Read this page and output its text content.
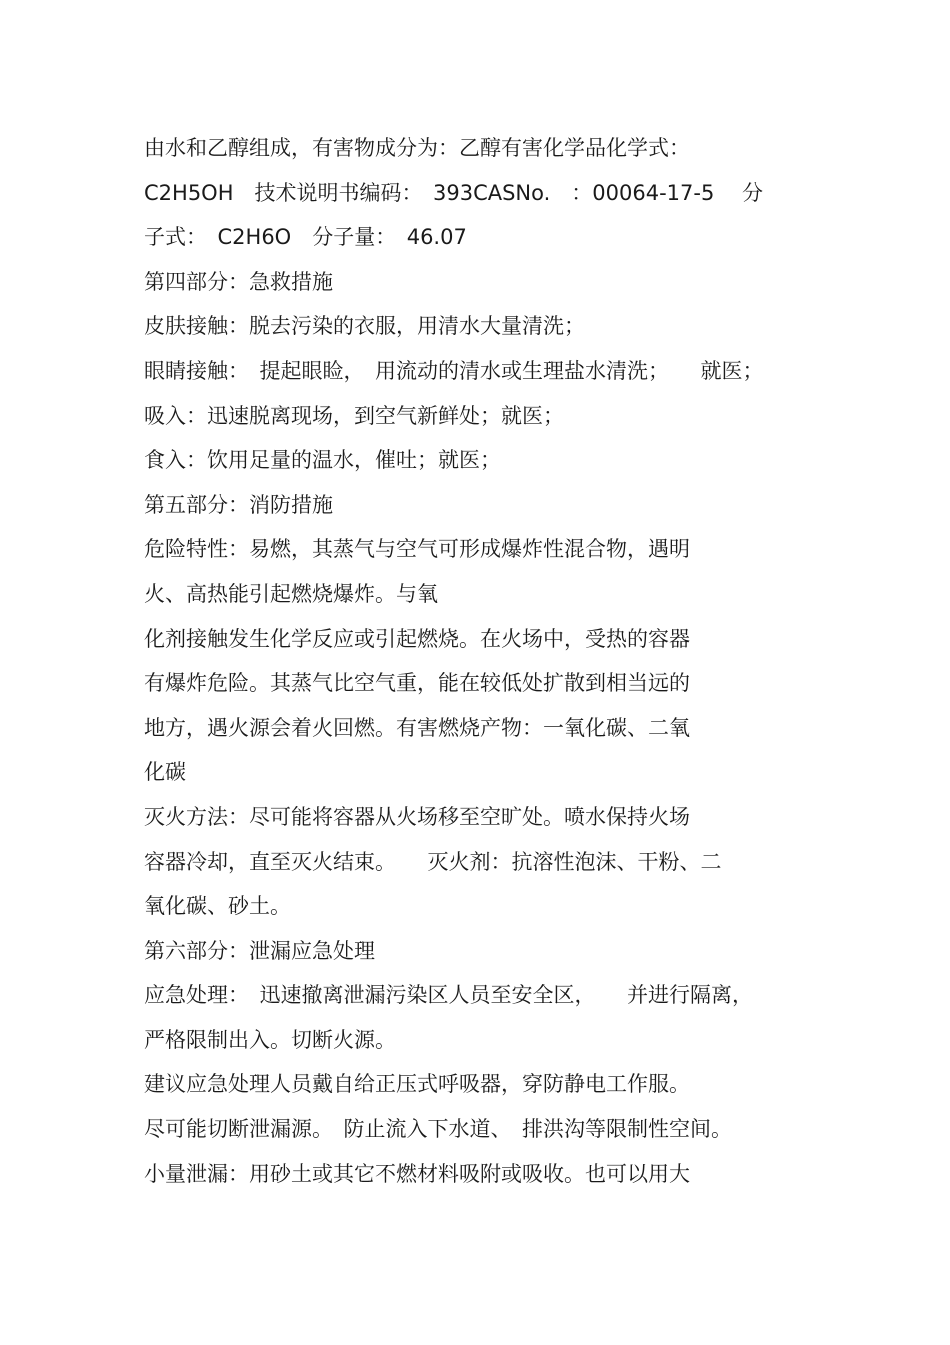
由水和乙醇组成，有害物成分为：乙醇有害化学品化学式：
C2H5OH　技术说明书编码：　393CASNo.　：00064-17-5　 分
子式：　C2H6O　分子量：　46.07
第四部分：急救措施
皮肤接触：脱去污染的衣服，用清水大量清洗；
眼睛接触：　提起眼睑，　用流动的清水或生理盐水清洗；　　就医；
吸入：迅速脱离现场，到空气新鲜处；就医；
食入：饮用足量的温水，催吐；就医；
第五部分：消防措施
危险特性：易燃，其蒸气与空气可形成爆炸性混合物，遇明
火、高热能引起燃烧爆炸。与氧
化剂接触发生化学反应或引起燃烧。在火场中，受热的容器
有爆炸危险。其蒸气比空气重，能在较低处扩散到相当远的
地方，遇火源会着火回燃。有害燃烧产物：一氧化碳、二氧
化碳
灭火方法：尽可能将容器从火场移至空旷处。喷水保持火场
容器冷却，直至灭火结束。　　灭火剂：抗溶性泡沫、干粉、二
氧化碳、砂土。
第六部分：泄漏应急处理
应急处理：　迅速撤离泄漏污染区人员至安全区，　　并进行隔离，
严格限制出入。切断火源。
建议应急处理人员戴自给正压式呼吸器，穿防静电工作服。
尽可能切断泄漏源。　防止流入下水道、　排洪沟等限制性空间。
小量泄漏：用砂土或其它不燃材料吸附或吸收。也可以用大
